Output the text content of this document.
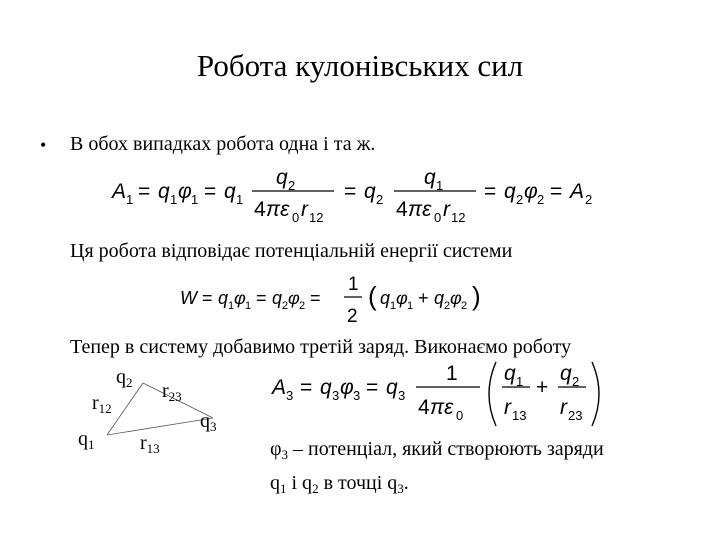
Робота кулонівських сил
• В обох випадках робота одна і та ж.
A 1 = q 1 φ 1 = q 1
q 2
4 πε 0 r 12
= q 2
q 1
4 πε 0 r 12
= q 2 φ 2 = A 2
Ця робота відповідає потенціальній енергії системи
W = q 1 φ 1 = q 2 φ 2 =
1
2
( q 1 φ 1 + q 2 φ 2 )
Тепер в систему добавимо третій заряд. Виконаємо роботу
$q_2$ $r_{23}$
$r_{12}$
$q_3$
$q_1$ $r_{13}$
A 3 = q 3 φ 3 = q 3
1
4 πε 0
q 1
r 13
+
q 2
r 23
$\varphi_3$ – потенціал, який створюють заряди
$q_1$ і $q_2$ в точці $q_3$.
